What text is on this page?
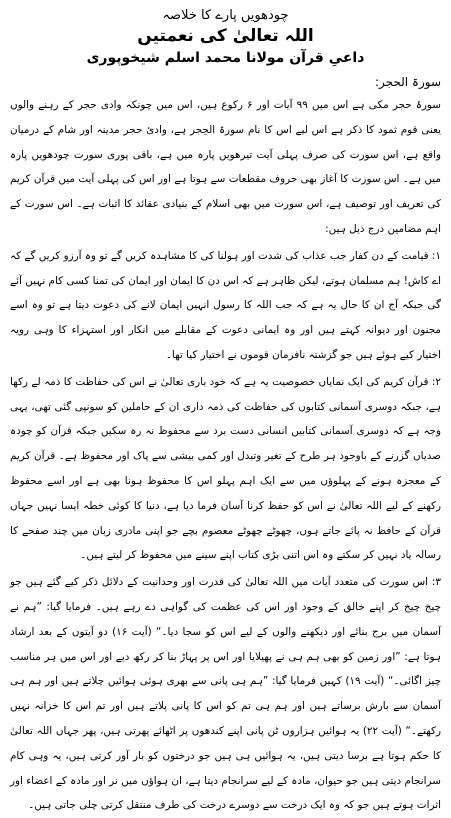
چودھویں پارے کا خلاصہ
اللہ تعالیٰ کی نعمتیں
داعیِ قرآن مولانا محمد اسلم شیخوپوری
سورۃ الحجر:

سورۂ حجر مکی ہے اس میں ۹۹ آیات اور ۶ رکوع ہیں، اس میں چونکہ وادی حجر کے رہنے والوں یعنی قوم ثمود کا ذکر ہے اس لیے اس کا نام سورۃ الحِجر ہے، وادیٔ حجر مدینہ اور شام کے درمیان واقع ہے، اس سورت کی صرف پہلی آیت تیرھویں پارہ میں ہے، باقی پوری سورت چودھویں پارہ میں ہے۔ اس سورت کا آغاز بھی حروف مقطعات سے ہوتا ہے اور اس کی پہلی آیت میں قرآن کریم کی تعریف اور توصیف ہے، اس سورت میں بھی اسلام کے بنیادی عقائد کا اثبات ہے۔ اس سورت کے اہم مضامین درج ذیل ہیں:

۱: قیامت کے دن کفار جب عذاب کی شدت اور ہولنا کی کا مشاہدہ کریں گے تو وہ آرزو کریں گے کہ اے کاش! ہم مسلمان ہوتے، لیکن ظاہر ہے کہ اس دن کا ایمان اور ایمان کی تمنا کسی کام نہیں آئے گی جبکہ آج ان کا حال یہ ہے کہ جب اللہ کا رسول انہیں ایمان لانے کی دعوت دیتا ہے تو وہ اسے مجنون اور دیوانہ کہتے ہیں اور وہ ایمانی دعوت کے مقابلے میں انکار اور استہزاء کا وہی رویہ اختیار کیے ہوئے ہیں جو گزشتہ نافرمان قوموں نے اختیار کیا تھا۔

۲: قرآن کریم کی ایک نمایاں خصوصیت یہ ہے کہ خود باری تعالیٰ نے اس کی حفاظت کا ذمہ لے رکھا ہے، جبکہ دوسری آسمانی کتابوں کی حفاظت کی ذمہ داری ان کے حاملین کو سونپی گئی تھی، یہی وجہ ہے کہ دوسری آسمانی کتابیں انسانی دست برد سے محفوظ نہ رہ سکیں جبکہ قرآن کو چودہ صدیاں گزرنے کے باوجود ہر طرح کے تغیر وتبدل اور کمی بیشی سے پاک اور محفوظ ہے۔ قرآن کریم کے معجزہ ہونے کے پہلوؤں میں سے ایک اہم پہلو اس کا محفوظ ہونا بھی ہے اور اسے محفوظ رکھنے کے لیے اللہ تعالیٰ نے اس کو حفظ کرنا آسان فرما دیا ہے، دنیا کا کوئی خطہ ایسا نہیں جہاں قرآن کے حافظ نہ پائے جاتے ہوں، چھوٹے چھوٹے معصوم بچے جو اپنی مادری زبان میں چند صفحے کا رسالہ یاد نہیں کر سکتے وہ اس اتنی بڑی کتاب اپنے سینے میں محفوظ کر لیتے ہیں۔

۳: اس سورت کی متعدد آیات میں اللہ تعالیٰ کی قدرت اور وحدانیت کے دلائل ذکر کیے گئے ہیں جو چیخ چیخ کر اپنے خالق کے وجود اور اس کی عظمت کی گواہی دے رہے ہیں۔ فرمایا گیا: ”ہم نے آسمان میں برج بنائے اور دیکھنے والوں کے لیے اس کو سجا دیا۔“ (آیت ۱۶) دو آیتوں کے بعد ارشاد ہوتا ہے: ”اور زمین کو بھی ہم ہی نے پھیلایا اور اس پر پہاڑ بنا کر رکھ دیے اور اس میں ہر مناسب چیز اگائی۔“ (آیت ۱۹) کہیں فرمایا گیا: ”ہم ہی پانی سے بھری ہوئی ہوائیں چلاتے ہیں اور ہم ہی آسمان سے بارش برساتے ہیں اور ہم ہی تم کو اس کا پانی پلاتے ہیں اور تم اس کا خزانہ نہیں رکھتے۔“ (آیت ۲۲) یہ ہوائیں ہزاروں ٹن پانی اپنے کندھوں پر اٹھائے پھرتی ہیں، پھر جہاں اللہ تعالیٰ کا حکم ہوتا ہے برسا دیتی ہیں، یہ ہوائیں ہی ہیں جو درختوں کو بار آور کرتی ہیں، یہ وہی کام سرانجام دیتی ہیں جو حیوان، مادہ کے لیے سرانجام دیتا ہے، ان ہواؤں میں نر اور مادہ کے اعضاء اور اثرات ہوتے ہیں جو کہ وہ ایک درخت سے دوسرے درخت کی طرف منتقل کرتی چلی جاتی ہیں۔
